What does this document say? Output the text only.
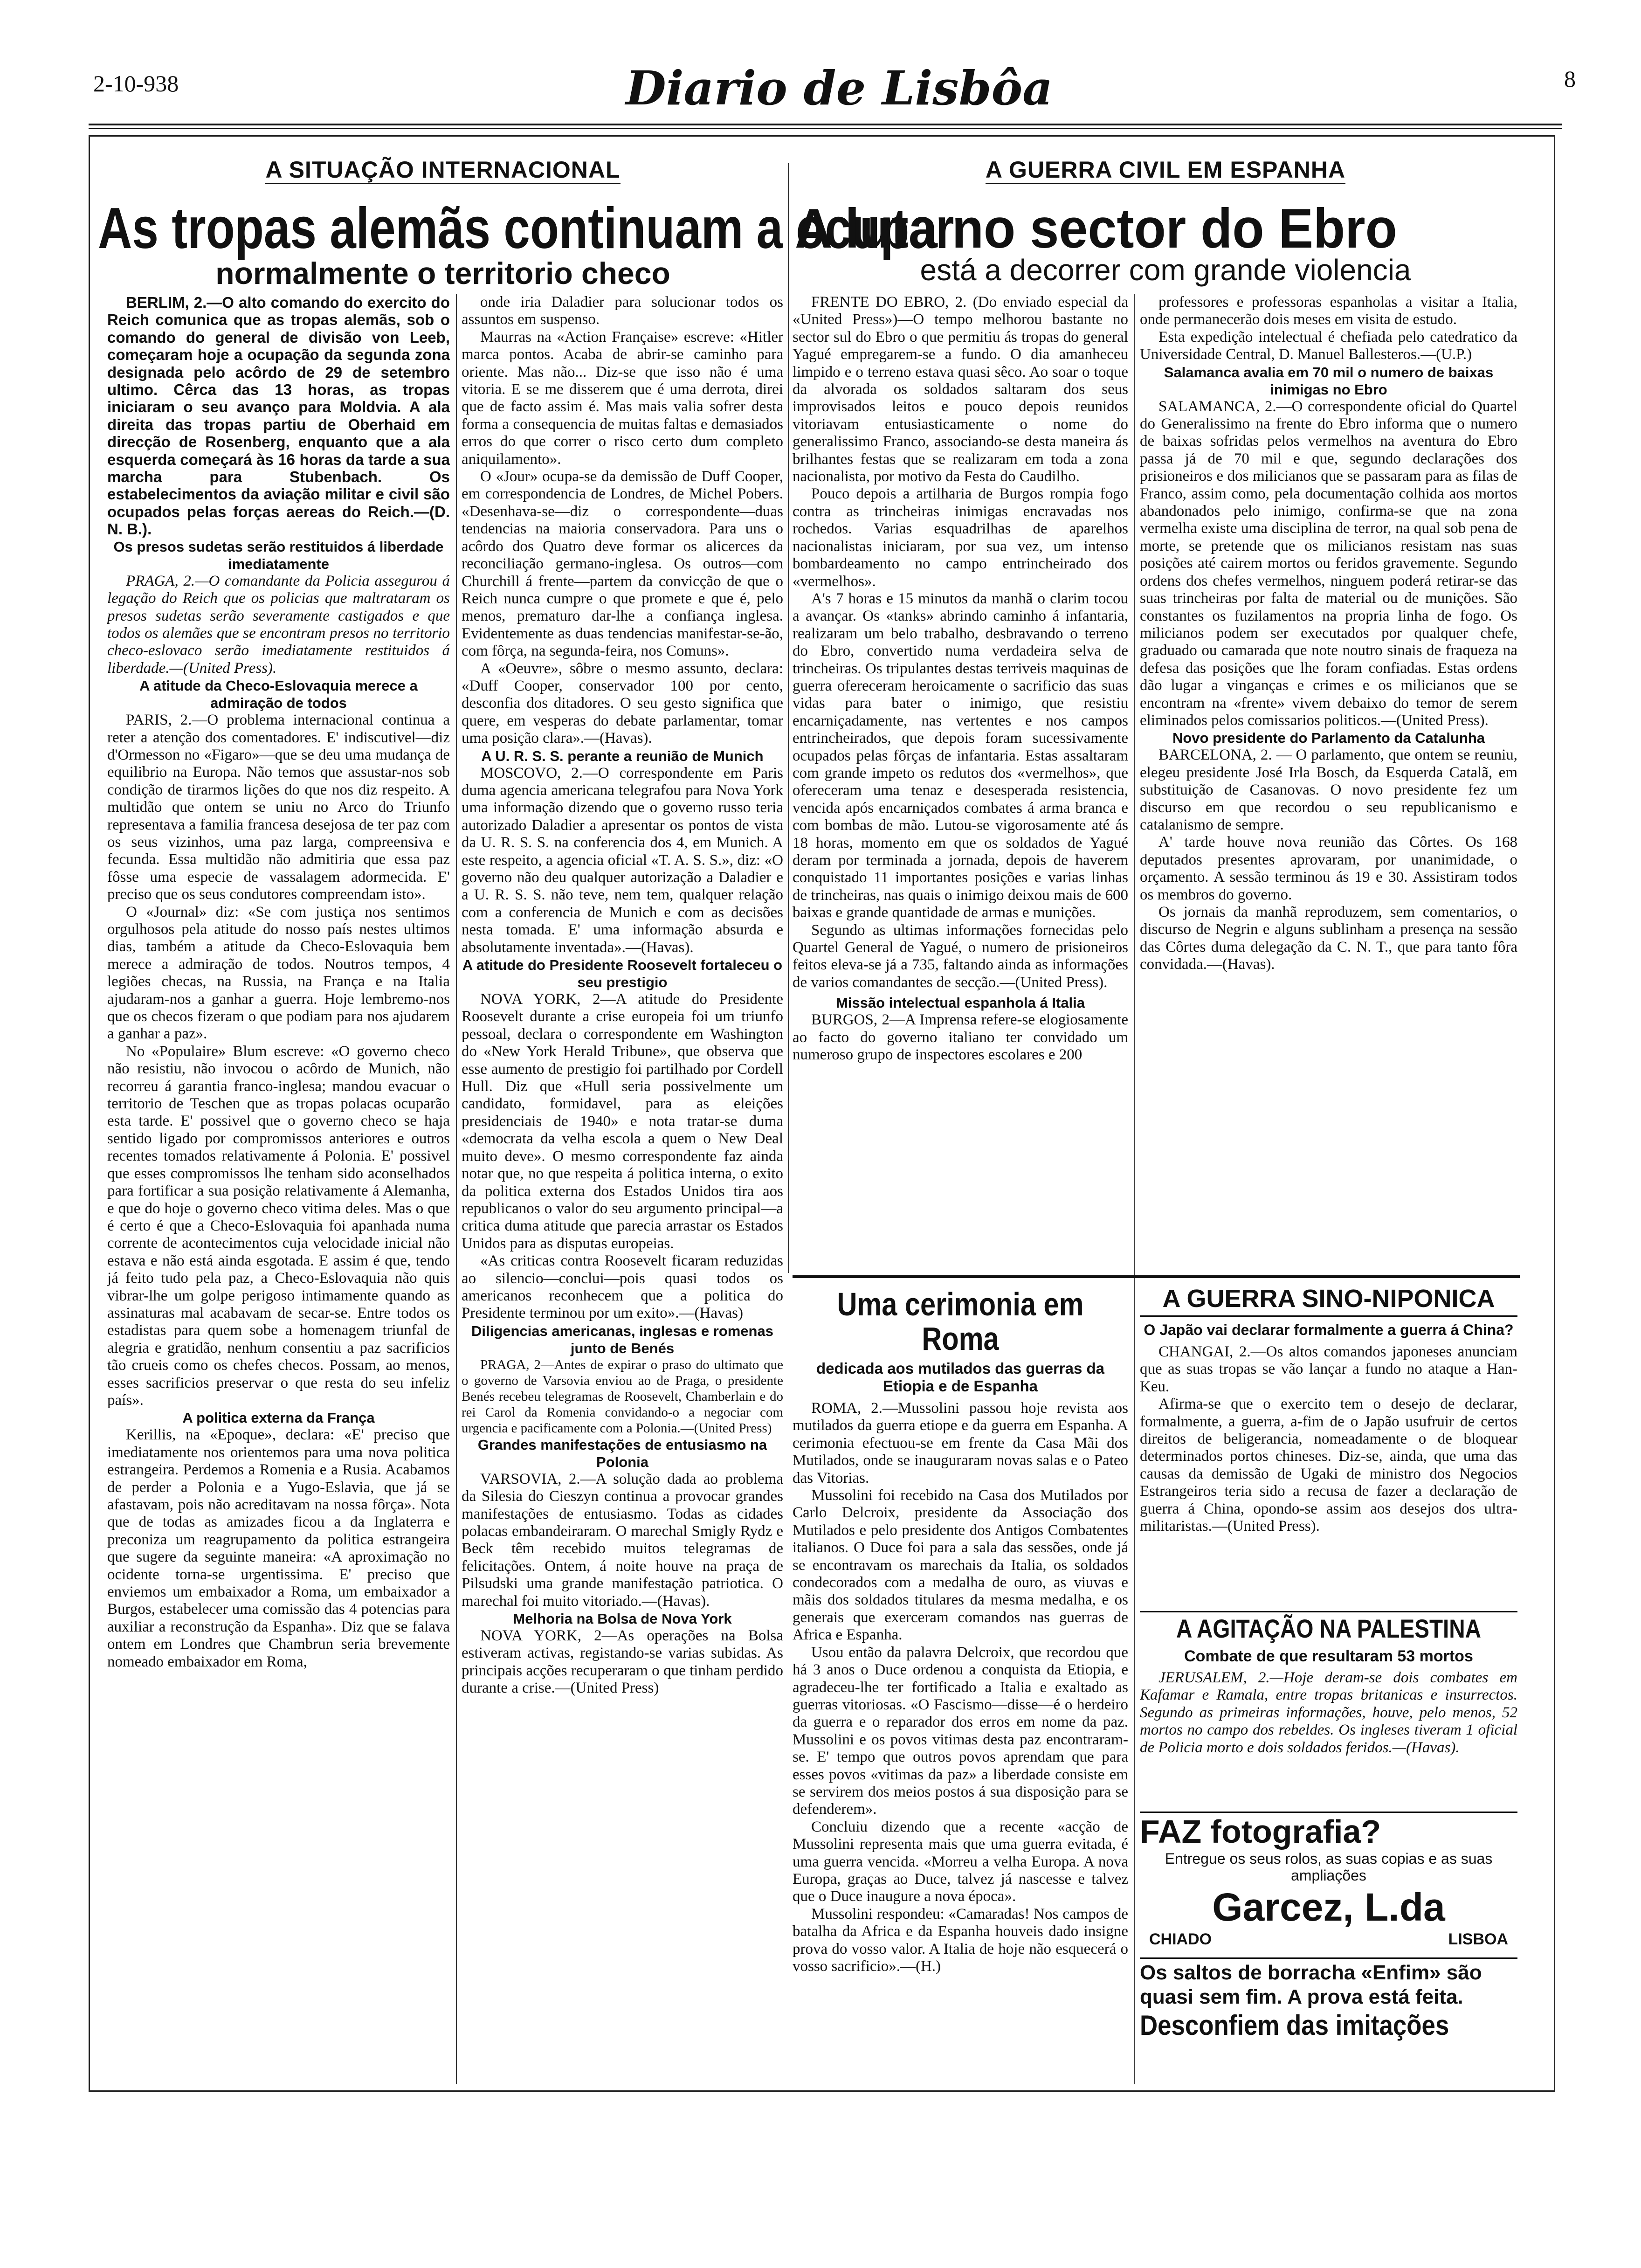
2-10-938	Diario de Lisbôa	8
A SITUAÇÃO INTERNACIONAL	A GUERRA CIVIL EM ESPANHA
As tropas alemãs continuam a ocupar
normalmente o territorio checo
A luta no sector do Ebro
está a decorrer com grande violencia

BERLIM, 2.—O alto comando do exercito do Reich comunica que as tropas alemãs, sob o comando do general de divisão von Leeb, começaram hoje a ocupação da segunda zona designada pelo acôrdo de 29 de setembro ultimo. Cêrca das 13 horas, as tropas iniciaram o seu avanço para Moldvia. A ala direita das tropas partiu de Oberhaid em direcção de Rosenberg, enquanto que a ala esquerda começará às 16 horas da tarde a sua marcha para Stubenbach. Os estabelecimentos da aviação militar e civil são ocupados pelas forças aereas do Reich.—(D. N. B.).

Os presos sudetas serão restituidos á liberdade imediatamente

PRAGA, 2.—O comandante da Policia assegurou á legação do Reich que os policias que maltrataram os presos sudetas serão severamente castigados e que todos os alemães que se encontram presos no territorio checo-eslovaco serão imediatamente restituidos á liberdade.—(United Press).

A atitude da Checo-Eslovaquia merece a admiração de todos

PARIS, 2.—O problema internacional continua a reter a atenção dos comentadores. E' indiscutivel—diz d'Ormesson no «Figaro»—que se deu uma mudança de equilibrio na Europa. Não temos que assustar-nos sob condição de tirarmos lições do que nos diz respeito. A multidão que ontem se uniu no Arco do Triunfo representava a familia francesa desejosa de ter paz com os seus vizinhos, uma paz larga, compreensiva e fecunda. Essa multidão não admitiria que essa paz fôsse uma especie de vassalagem adormecida. E' preciso que os seus condutores compreendam isto».

O «Journal» diz: «Se com justiça nos sentimos orgulhosos pela atitude do nosso país nestes ultimos dias, também a atitude da Checo-Eslovaquia bem merece a admiração de todos. Noutros tempos, 4 legiões checas, na Russia, na França e na Italia ajudaram-nos a ganhar a guerra. Hoje lembremo-nos que os checos fizeram o que podiam para nos ajudarem a ganhar a paz».

No «Populaire» Blum escreve: «O governo checo não resistiu, não invocou o acôrdo de Munich, não recorreu á garantia franco-inglesa; mandou evacuar o territorio de Teschen que as tropas polacas ocuparão esta tarde. E' possivel que o governo checo se haja sentido ligado por compromissos anteriores e outros recentes tomados relativamente á Polonia. E' possivel que esses compromissos lhe tenham sido aconselhados para fortificar a sua posição relativamente á Alemanha, e que do hoje o governo checo vitima deles. Mas o que é certo é que a Checo-Eslovaquia foi apanhada numa corrente de acontecimentos cuja velocidade inicial não estava e não está ainda esgotada. E assim é que, tendo já feito tudo pela paz, a Checo-Eslovaquia não quis vibrar-lhe um golpe perigoso intimamente quando as assinaturas mal acabavam de secar-se. Entre todos os estadistas para quem sobe a homenagem triunfal de alegria e gratidão, nenhum consentiu a paz sacrificios tão crueis como os chefes checos. Possam, ao menos, esses sacrificios preservar o que resta do seu infeliz país».

A politica externa da França

Kerillis, na «Epoque», declara: «E' preciso que imediatamente nos orientemos para uma nova politica estrangeira. Perdemos a Romenia e a Rusia. Acabamos de perder a Polonia e a Yugo-Eslavia, que já se afastavam, pois não acreditavam na nossa fôrça». Nota que de todas as amizades ficou a da Inglaterra e preconiza um reagrupamento da politica estrangeira que sugere da seguinte maneira: «A aproximação no ocidente torna-se urgentissima. E' preciso que enviemos um embaixador a Roma, um embaixador a Burgos, estabelecer uma comissão das 4 potencias para auxiliar a reconstrução da Espanha». Diz que se falava ontem em Londres que Chambrun seria brevemente nomeado embaixador em Roma,

onde iria Daladier para solucionar todos os assuntos em suspenso.

Maurras na «Action Française» escreve: «Hitler marca pontos. Acaba de abrir-se caminho para oriente. Mas não... Diz-se que isso não é uma vitoria. E se me disserem que é uma derrota, direi que de facto assim é. Mas mais valia sofrer desta forma a consequencia de muitas faltas e demasiados erros do que correr o risco certo dum completo aniquilamento».

O «Jour» ocupa-se da demissão de Duff Cooper, em correspondencia de Londres, de Michel Pobers. «Desenhava-se—diz o correspondente—duas tendencias na maioria conservadora. Para uns o acôrdo dos Quatro deve formar os alicerces da reconciliação germano-inglesa. Os outros—com Churchill á frente—partem da convicção de que o Reich nunca cumpre o que promete e que é, pelo menos, prematuro dar-lhe a confiança inglesa. Evidentemente as duas tendencias manifestar-se-ão, com fôrça, na segunda-feira, nos Comuns».

A «Oeuvre», sôbre o mesmo assunto, declara: «Duff Cooper, conservador 100 por cento, desconfia dos ditadores. O seu gesto significa que quere, em vesperas do debate parlamentar, tomar uma posição clara».—(Havas).

A U. R. S. S. perante a reunião de Munich

MOSCOVO, 2.—O correspondente em Paris duma agencia americana telegrafou para Nova York uma informação dizendo que o governo russo teria autorizado Daladier a apresentar os pontos de vista da U. R. S. S. na conferencia dos 4, em Munich. A este respeito, a agencia oficial «T. A. S. S.», diz: «O governo não deu qualquer autorização a Daladier e a U. R. S. S. não teve, nem tem, qualquer relação com a conferencia de Munich e com as decisões nesta tomada. E' uma informação absurda e absolutamente inventada».—(Havas).

A atitude do Presidente Roosevelt fortaleceu o seu prestigio

NOVA YORK, 2—A atitude do Presidente Roosevelt durante a crise europeia foi um triunfo pessoal, declara o correspondente em Washington do «New York Herald Tribune», que observa que esse aumento de prestigio foi partilhado por Cordell Hull. Diz que «Hull seria possivelmente um candidato, formidavel, para as eleições presidenciais de 1940» e nota tratar-se duma «democrata da velha escola a quem o New Deal muito deve». O mesmo correspondente faz ainda notar que, no que respeita á politica interna, o exito da politica externa dos Estados Unidos tira aos republicanos o valor do seu argumento principal—a critica duma atitude que parecia arrastar os Estados Unidos para as disputas europeias.

«As criticas contra Roosevelt ficaram reduzidas ao silencio—conclui—pois quasi todos os americanos reconhecem que a politica do Presidente terminou por um exito».—(Havas)

Diligencias americanas, inglesas e romenas junto de Benés

PRAGA, 2—Antes de expirar o praso do ultimato que o governo de Varsovia enviou ao de Praga, o presidente Benés recebeu telegramas de Roosevelt, Chamberlain e do rei Carol da Romenia convidando-o a negociar com urgencia e pacificamente com a Polonia.—(United Press)

Grandes manifestações de entusiasmo na Polonia

VARSOVIA, 2.—A solução dada ao problema da Silesia do Cieszyn continua a provocar grandes manifestações de entusiasmo. Todas as cidades polacas embandeiraram. O marechal Smigly Rydz e Beck têm recebido muitos telegramas de felicitações. Ontem, á noite houve na praça de Pilsudski uma grande manifestação patriotica. O marechal foi muito vitoriado.—(Havas).

Melhoria na Bolsa de Nova York

NOVA YORK, 2—As operações na Bolsa estiveram activas, registando-se varias subidas. As principais acções recuperaram o que tinham perdido durante a crise.—(United Press)

FRENTE DO EBRO, 2. (Do enviado especial da «United Press»)—O tempo melhorou bastante no sector sul do Ebro o que permitiu ás tropas do general Yagué empregarem-se a fundo. O dia amanheceu limpido e o terreno estava quasi sêco. Ao soar o toque da alvorada os soldados saltaram dos seus improvisados leitos e pouco depois reunidos vitoriavam entusiasticamente o nome do generalissimo Franco, associando-se desta maneira ás brilhantes festas que se realizaram em toda a zona nacionalista, por motivo da Festa do Caudilho.

Pouco depois a artilharia de Burgos rompia fogo contra as trincheiras inimigas encravadas nos rochedos. Varias esquadrilhas de aparelhos nacionalistas iniciaram, por sua vez, um intenso bombardeamento no campo entrincheirado dos «vermelhos».

A's 7 horas e 15 minutos da manhã o clarim tocou a avançar. Os «tanks» abrindo caminho á infantaria, realizaram um belo trabalho, desbravando o terreno do Ebro, convertido numa verdadeira selva de trincheiras. Os tripulantes destas terriveis maquinas de guerra ofereceram heroicamente o sacrificio das suas vidas para bater o inimigo, que resistiu encarniçadamente, nas vertentes e nos campos entrincheirados, que depois foram sucessivamente ocupados pelas fôrças de infantaria. Estas assaltaram com grande impeto os redutos dos «vermelhos», que ofereceram uma tenaz e desesperada resistencia, vencida após encarniçados combates á arma branca e com bombas de mão. Lutou-se vigorosamente até ás 18 horas, momento em que os soldados de Yagué deram por terminada a jornada, depois de haverem conquistado 11 importantes posições e varias linhas de trincheiras, nas quais o inimigo deixou mais de 600 baixas e grande quantidade de armas e munições.

Segundo as ultimas informações fornecidas pelo Quartel General de Yagué, o numero de prisioneiros feitos eleva-se já a 735, faltando ainda as informações de varios comandantes de secção.—(United Press).

Missão intelectual espanhola á Italia

BURGOS, 2—A Imprensa refere-se elogiosamente ao facto do governo italiano ter convidado um numeroso grupo de inspectores escolares e 200

professores e professoras espanholas a visitar a Italia, onde permanecerão dois meses em visita de estudo.

Esta expedição intelectual é chefiada pelo catedratico da Universidade Central, D. Manuel Ballesteros.—(U.P.)

Salamanca avalia em 70 mil o numero de baixas inimigas no Ebro

SALAMANCA, 2.—O correspondente oficial do Quartel do Generalissimo na frente do Ebro informa que o numero de baixas sofridas pelos vermelhos na aventura do Ebro passa já de 70 mil e que, segundo declarações dos prisioneiros e dos milicianos que se passaram para as filas de Franco, assim como, pela documentação colhida aos mortos abandonados pelo inimigo, confirma-se que na zona vermelha existe uma disciplina de terror, na qual sob pena de morte, se pretende que os milicianos resistam nas suas posições até cairem mortos ou feridos gravemente. Segundo ordens dos chefes vermelhos, ninguem poderá retirar-se das suas trincheiras por falta de material ou de munições. São constantes os fuzilamentos na propria linha de fogo. Os milicianos podem ser executados por qualquer chefe, graduado ou camarada que note noutro sinais de fraqueza na defesa das posições que lhe foram confiadas. Estas ordens dão lugar a vinganças e crimes e os milicianos que se encontram na «frente» vivem debaixo do temor de serem eliminados pelos comissarios politicos.—(United Press).

Novo presidente do Parlamento da Catalunha

BARCELONA, 2. — O parlamento, que ontem se reuniu, elegeu presidente José Irla Bosch, da Esquerda Catalã, em substituição de Casanovas. O novo presidente fez um discurso em que recordou o seu republicanismo e catalanismo de sempre.

A' tarde houve nova reunião das Côrtes. Os 168 deputados presentes aprovaram, por unanimidade, o orçamento. A sessão terminou ás 19 e 30. Assistiram todos os membros do governo.

Os jornais da manhã reproduzem, sem comentarios, o discurso de Negrin e alguns sublinham a presença na sessão das Côrtes duma delegação da C. N. T., que para tanto fôra convidada.—(Havas).

Uma cerimonia em Roma
dedicada aos mutilados das guerras da Etiopia e de Espanha

ROMA, 2.—Mussolini passou hoje revista aos mutilados da guerra etiope e da guerra em Espanha. A cerimonia efectuou-se em frente da Casa Mãi dos Mutilados, onde se inauguraram novas salas e o Pateo das Vitorias.

Mussolini foi recebido na Casa dos Mutilados por Carlo Delcroix, presidente da Associação dos Mutilados e pelo presidente dos Antigos Combatentes italianos. O Duce foi para a sala das sessões, onde já se encontravam os marechais da Italia, os soldados condecorados com a medalha de ouro, as viuvas e mãis dos soldados titulares da mesma medalha, e os generais que exerceram comandos nas guerras de Africa e Espanha.

Usou então da palavra Delcroix, que recordou que há 3 anos o Duce ordenou a conquista da Etiopia, e agradeceu-lhe ter fortificado a Italia e exaltado as guerras vitoriosas. «O Fascismo—disse—é o herdeiro da guerra e o reparador dos erros em nome da paz. Mussolini e os povos vitimas desta paz encontraram-se. E' tempo que outros povos aprendam que para esses povos «vitimas da paz» a liberdade consiste em se servirem dos meios postos á sua disposição para se defenderem».

Concluiu dizendo que a recente «acção de Mussolini representa mais que uma guerra evitada, é uma guerra vencida. «Morreu a velha Europa. A nova Europa, graças ao Duce, talvez já nascesse e talvez que o Duce inaugure a nova época».

Mussolini respondeu: «Camaradas! Nos campos de batalha da Africa e da Espanha houveis dado insigne prova do vosso valor. A Italia de hoje não esquecerá o vosso sacrificio».—(H.)

A GUERRA SINO-NIPONICA
O Japão vai declarar formalmente a guerra á China?

CHANGAI, 2.—Os altos comandos japoneses anunciam que as suas tropas se vão lançar a fundo no ataque a Han-Keu.

Afirma-se que o exercito tem o desejo de declarar, formalmente, a guerra, a-fim de o Japão usufruir de certos direitos de beligerancia, nomeadamente o de bloquear determinados portos chineses. Diz-se, ainda, que uma das causas da demissão de Ugaki de ministro dos Negocios Estrangeiros teria sido a recusa de fazer a declaração de guerra á China, opondo-se assim aos desejos dos ultra-militaristas.—(United Press).

A AGITAÇÃO NA PALESTINA
Combate de que resultaram 53 mortos

JERUSALEM, 2.—Hoje deram-se dois combates em Kafamar e Ramala, entre tropas britanicas e insurrectos. Segundo as primeiras informações, houve, pelo menos, 52 mortos no campo dos rebeldes. Os ingleses tiveram 1 oficial de Policia morto e dois soldados feridos.—(Havas).

FAZ fotografia?
Entregue os seus rolos, as suas copias e as suas ampliações
Garcez, L.da
CHIADO	LISBOA
Os saltos de borracha «Enfim» são quasi sem fim. A prova está feita.
Desconfiem das imitações
